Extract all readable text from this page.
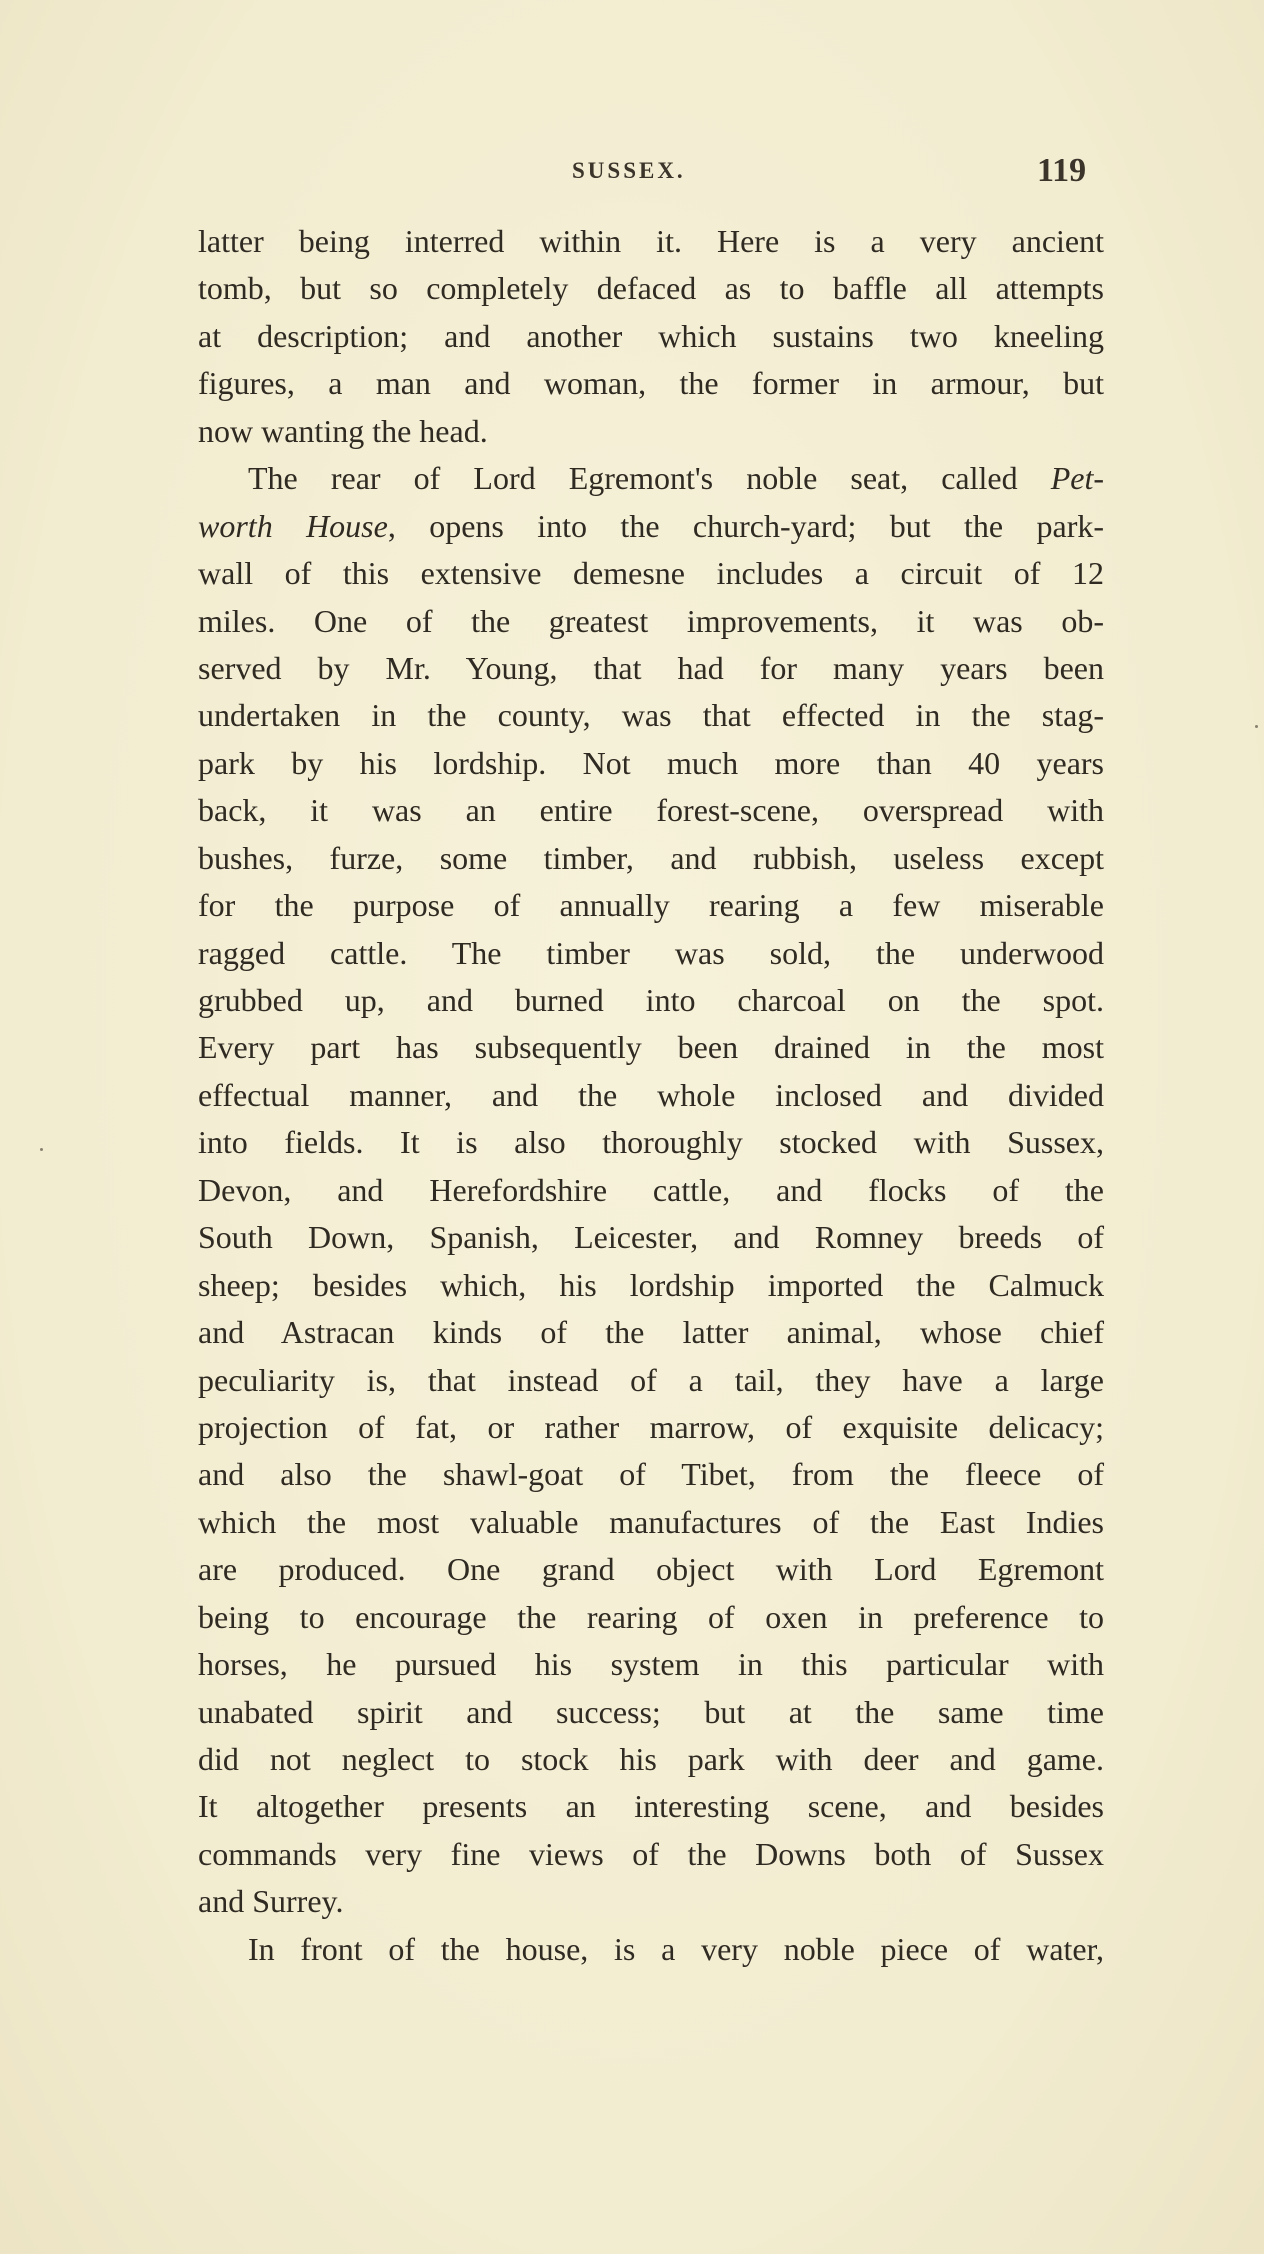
SUSSEX.	119
latter being interred within it. Here is a very ancient
tomb, but so completely defaced as to baffle all attempts
at description; and another which sustains two kneeling
figures, a man and woman, the former in armour, but
now wanting the head.
The rear of Lord Egremont's noble seat, called Pet-
worth House, opens into the church-yard; but the park-
wall of this extensive demesne includes a circuit of 12
miles. One of the greatest improvements, it was ob-
served by Mr. Young, that had for many years been
undertaken in the county, was that effected in the stag-
park by his lordship. Not much more than 40 years
back, it was an entire forest-scene, overspread with
bushes, furze, some timber, and rubbish, useless except
for the purpose of annually rearing a few miserable
ragged cattle. The timber was sold, the underwood
grubbed up, and burned into charcoal on the spot.
Every part has subsequently been drained in the most
effectual manner, and the whole inclosed and divided
into fields. It is also thoroughly stocked with Sussex,
Devon, and Herefordshire cattle, and flocks of the
South Down, Spanish, Leicester, and Romney breeds of
sheep; besides which, his lordship imported the Calmuck
and Astracan kinds of the latter animal, whose chief
peculiarity is, that instead of a tail, they have a large
projection of fat, or rather marrow, of exquisite delicacy;
and also the shawl-goat of Tibet, from the fleece of
which the most valuable manufactures of the East Indies
are produced. One grand object with Lord Egremont
being to encourage the rearing of oxen in preference to
horses, he pursued his system in this particular with
unabated spirit and success; but at the same time
did not neglect to stock his park with deer and game.
It altogether presents an interesting scene, and besides
commands very fine views of the Downs both of Sussex
and Surrey.
In front of the house, is a very noble piece of water,
